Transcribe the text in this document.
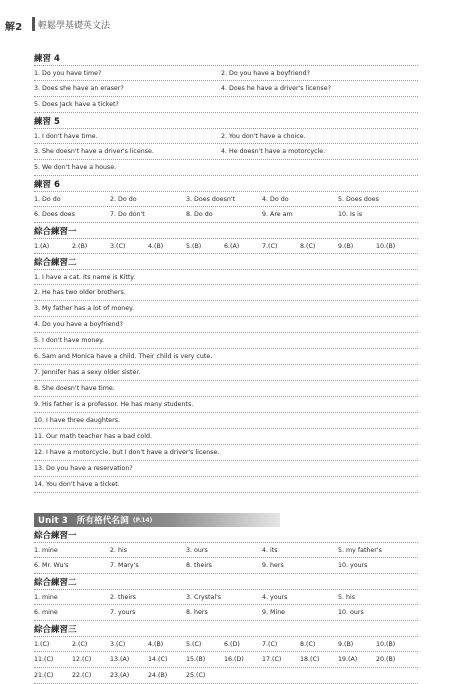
解2 輕鬆學基礎英文法
練習 4
1. Do you have time?	2. Do you have a boyfriend?
3. Does she have an eraser?	4. Does he have a driver's license?
5. Does Jack have a ticket?
練習 5
1. I don't have time.	2. You don't have a choice.
3. She doesn't have a driver's license.	4. He doesn't have a motorcycle.
5. We don't have a house.
練習 6
1. Do do	2. Do do	3. Does doesn't	4. Do do	5. Does does
6. Does does	7. Do don't	8. Do do	9. Are am	10. Is is
綜合練習一
1.(A)	2.(B)	3.(C)	4.(B)	5.(B)	6.(A)	7.(C)	8.(C)	9.(B)	10.(B)
綜合練習二
1. I have a cat. Its name is Kitty.
2. He has two older brothers.
3. My father has a lot of money.
4. Do you have a boyfriend?
5. I don't have money.
6. Sam and Monica have a child. Their child is very cute.
7. Jennifer has a sexy older sister.
8. She doesn't have time.
9. His father is a professor. He has many students.
10. I have three daughters.
11. Our math teacher has a bad cold.
12. I have a motorcycle, but I don't have a driver's license.
13. Do you have a reservation?
14. You don't have a ticket.
Unit 3　所有格代名詞 (P.14)
綜合練習一
1. mine	2. his	3. ours	4. its	5. my father's
6. Mr. Wu's	7. Mary's	8. theirs	9. hers	10. yours
綜合練習二
1. mine	2. theirs	3. Crystal's	4. yours	5. his
6. mine	7. yours	8. hers	9. Mine	10. ours
綜合練習三
1.(C)	2.(C)	3.(C)	4.(B)	5.(C)	6.(D)	7.(C)	8.(C)	9.(B)	10.(B)
11.(C)	12.(C)	13.(A)	14.(C)	15.(B)	16.(D)	17.(C)	18.(C)	19.(A)	20.(B)
21.(C)	22.(C)	23.(A)	24.(B)	25.(C)
